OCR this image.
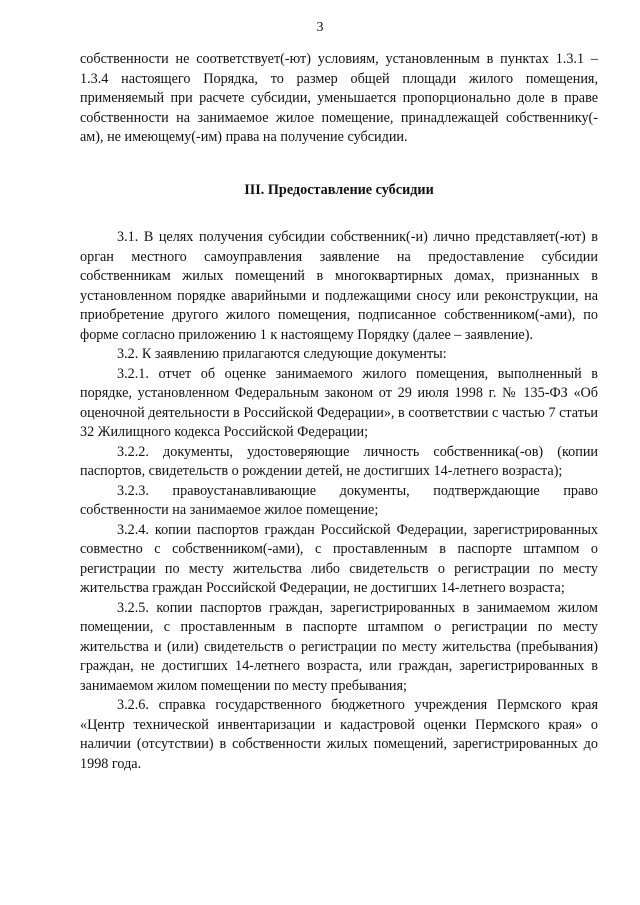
3

собственности не соответствует(-ют) условиям, установленным в пунктах 1.3.1 – 1.3.4 настоящего Порядка, то размер общей площади жилого помещения, применяемый при расчете субсидии, уменьшается пропорционально доле в праве собственности на занимаемое жилое помещение, принадлежащей собственнику(-ам), не имеющему(-им) права на получение субсидии.

III. Предоставление субсидии

3.1. В целях получения субсидии собственник(-и) лично представляет(-ют) в орган местного самоуправления заявление на предоставление субсидии собственникам жилых помещений в многоквартирных домах, признанных в установленном порядке аварийными и подлежащими сносу или реконструкции, на приобретение другого жилого помещения, подписанное собственником(-ами), по форме согласно приложению 1 к настоящему Порядку (далее – заявление).

3.2. К заявлению прилагаются следующие документы:

3.2.1. отчет об оценке занимаемого жилого помещения, выполненный в порядке, установленном Федеральным законом от 29 июля 1998 г. № 135-ФЗ «Об оценочной деятельности в Российской Федерации», в соответствии с частью 7 статьи 32 Жилищного кодекса Российской Федерации;

3.2.2. документы, удостоверяющие личность собственника(-ов) (копии паспортов, свидетельств о рождении детей, не достигших 14-летнего возраста);

3.2.3. правоустанавливающие документы, подтверждающие право собственности на занимаемое жилое помещение;

3.2.4. копии паспортов граждан Российской Федерации, зарегистрированных совместно с собственником(-ами), с проставленным в паспорте штампом о регистрации по месту жительства либо свидетельств о регистрации по месту жительства граждан Российской Федерации, не достигших 14-летнего возраста;

3.2.5. копии паспортов граждан, зарегистрированных в занимаемом жилом помещении, с проставленным в паспорте штампом о регистрации по месту жительства и (или) свидетельств о регистрации по месту жительства (пребывания) граждан, не достигших 14-летнего возраста, или граждан, зарегистрированных в занимаемом жилом помещении по месту пребывания;

3.2.6. справка государственного бюджетного учреждения Пермского края «Центр технической инвентаризации и кадастровой оценки Пермского края» о наличии (отсутствии) в собственности жилых помещений, зарегистрированных до 1998 года.
